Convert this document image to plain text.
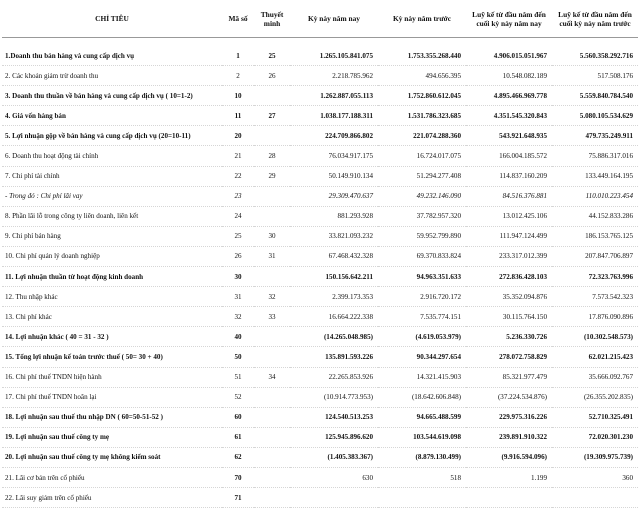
CHỈ TIÊU	Mã số	Thuyết minh	Kỳ này năm nay	Kỳ này năm trước	Luỹ kế từ đầu năm đến cuối kỳ này năm nay	Luỹ kế từ đầu năm đến cuối kỳ này năm trước

1.Doanh thu bán hàng và cung cấp dịch vụ	1	25	1.265.105.841.075	1.753.355.268.440	4.906.015.051.967	5.560.358.292.716
2. Các khoản giảm trừ doanh thu	2	26	2.218.785.962	494.656.395	10.548.082.189	517.508.176
3. Doanh thu thuần về bán hàng và cung cấp dịch vụ ( 10=1-2)	10		1.262.887.055.113	1.752.860.612.045	4.895.466.969.778	5.559.840.784.540
4. Giá vốn hàng bán	11	27	1.038.177.188.311	1.531.786.323.685	4.351.545.320.843	5.080.105.534.629
5. Lợi nhuận gộp về bán hàng và cung cấp dịch vụ (20=10-11)	20		224.709.866.802	221.074.288.360	543.921.648.935	479.735.249.911
6. Doanh thu hoạt động tài chính	21	28	76.034.917.175	16.724.017.075	166.004.185.572	75.886.317.016
7. Chi phí tài chính	22	29	50.149.910.134	51.294.277.408	114.837.160.209	133.449.164.195
- Trong đó : Chi phí lãi vay	23		29.309.470.637	49.232.146.090	84.516.376.881	110.010.223.454
8. Phần lãi lỗ trong công ty liên doanh, liên kết	24		881.293.928	37.782.957.320	13.012.425.106	44.152.833.286
9. Chi phí bán hàng	25	30	33.821.093.232	59.952.799.890	111.947.124.499	186.153.765.125
10. Chi phí quản lý doanh nghiệp	26	31	67.468.432.328	69.370.833.824	233.317.012.399	207.847.706.897
11. Lợi nhuận thuần từ hoạt động kinh doanh	30		150.156.642.211	94.963.351.633	272.836.428.103	72.323.763.996
12. Thu nhập khác	31	32	2.399.173.353	2.916.720.172	35.352.094.876	7.573.542.323
13. Chi phí khác	32	33	16.664.222.338	7.535.774.151	30.115.764.150	17.876.090.896
14. Lợi nhuận khác ( 40 = 31 - 32 )	40		(14.265.048.985)	(4.619.053.979)	5.236.330.726	(10.302.548.573)
15. Tổng lợi nhuận kế toán trước thuế ( 50= 30 + 40)	50		135.891.593.226	90.344.297.654	278.072.758.829	62.021.215.423
16. Chi phí thuế TNDN hiện hành	51	34	22.265.853.926	14.321.415.903	85.321.977.479	35.666.092.767
17. Chi phí thuế TNDN hoãn lại	52		(10.914.773.953)	(18.642.606.848)	(37.224.534.876)	(26.355.202.835)
18. Lợi nhuận sau thuế thu nhập DN ( 60=50-51-52 )	60		124.540.513.253	94.665.488.599	229.975.316.226	52.710.325.491
19. Lợi nhuận sau thuế công ty mẹ	61		125.945.896.620	103.544.619.098	239.891.910.322	72.020.301.230
20. Lợi nhuận sau thuế công ty mẹ không kiểm soát	62		(1.405.383.367)	(8.879.130.499)	(9.916.594.096)	(19.309.975.739)
21. Lãi cơ bản trên cổ phiếu	70		630	518	1.199	360
22. Lãi suy giảm trên cổ phiếu	71					
